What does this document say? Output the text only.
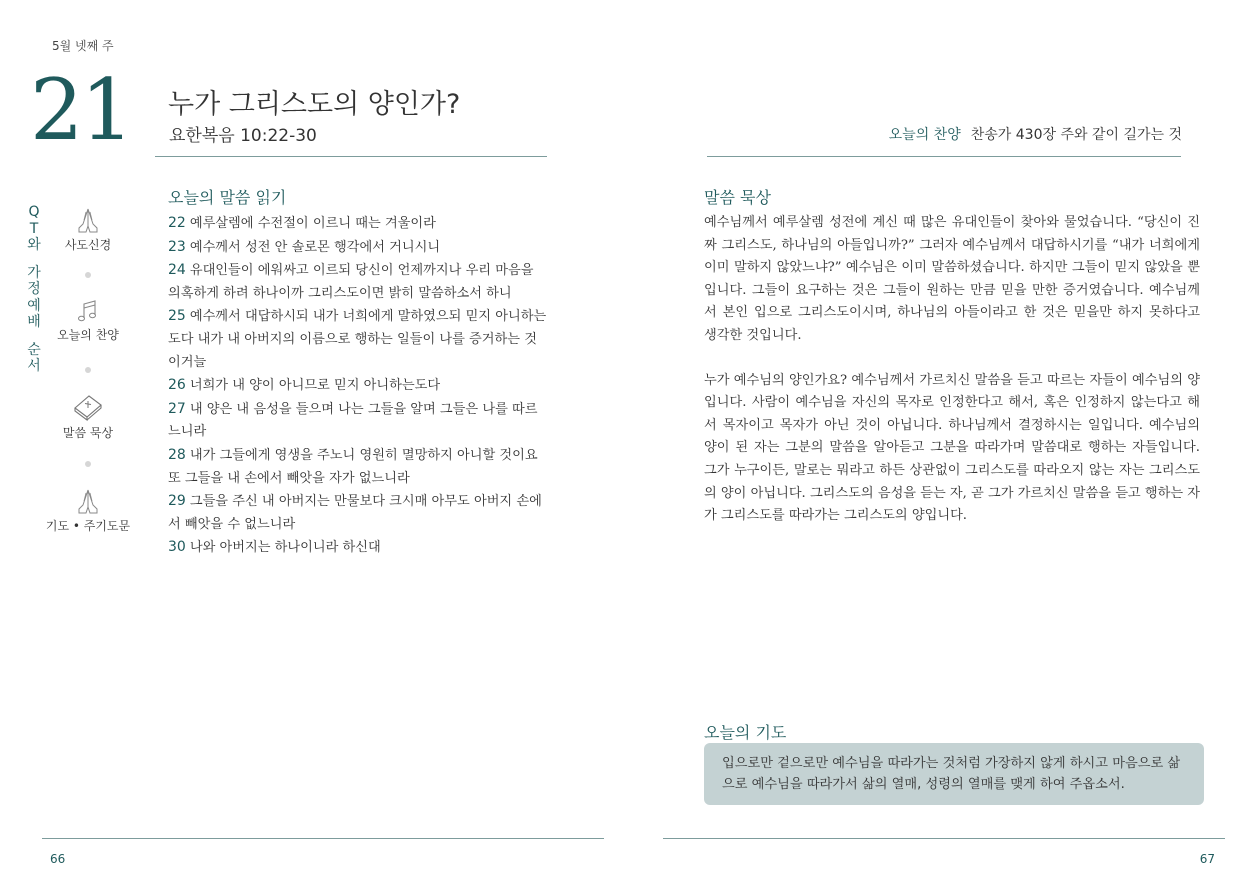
5월 넷째 주
21 누가 그리스도의 양인가?
요한복음 10:22-30	오늘의 찬양 찬송가 430장 주와 같이 길가는 것
Q
T
와
가
정
예
배
순
서
사도신경
오늘의 찬양
말씀 묵상
기도 • 주기도문
오늘의 말씀 읽기
22 예루살렘에 수전절이 이르니 때는 겨울이라
23 예수께서 성전 안 솔로몬 행각에서 거니시니
24 유대인들이 에워싸고 이르되 당신이 언제까지나 우리 마음을 의혹하게 하려 하나이까 그리스도이면 밝히 말씀하소서 하니
25 예수께서 대답하시되 내가 너희에게 말하였으되 믿지 아니하는도다 내가 내 아버지의 이름으로 행하는 일들이 나를 증거하는 것이거늘
26 너희가 내 양이 아니므로 믿지 아니하는도다
27 내 양은 내 음성을 들으며 나는 그들을 알며 그들은 나를 따르느니라
28 내가 그들에게 영생을 주노니 영원히 멸망하지 아니할 것이요 또 그들을 내 손에서 빼앗을 자가 없느니라
29 그들을 주신 내 아버지는 만물보다 크시매 아무도 아버지 손에서 빼앗을 수 없느니라
30 나와 아버지는 하나이니라 하신대
말씀 묵상

예수님께서 예루살렘 성전에 계신 때 많은 유대인들이 찾아와 물었습니다. “당신이 진짜 그리스도, 하나님의 아들입니까?” 그러자 예수님께서 대답하시기를 “내가 너희에게 이미 말하지 않았느냐?” 예수님은 이미 말씀하셨습니다. 하지만 그들이 믿지 않았을 뿐입니다. 그들이 요구하는 것은 그들이 원하는 만큼 믿을 만한 증거였습니다. 예수님께서 본인 입으로 그리스도이시며, 하나님의 아들이라고 한 것은 믿을만 하지 못하다고 생각한 것입니다.

누가 예수님의 양인가요? 예수님께서 가르치신 말씀을 듣고 따르는 자들이 예수님의 양입니다. 사람이 예수님을 자신의 목자로 인정한다고 해서, 혹은 인정하지 않는다고 해서 목자이고 목자가 아닌 것이 아닙니다. 하나님께서 결정하시는 일입니다. 예수님의 양이 된 자는 그분의 말씀을 알아듣고 그분을 따라가며 말씀대로 행하는 자들입니다. 그가 누구이든, 말로는 뭐라고 하든 상관없이 그리스도를 따라오지 않는 자는 그리스도의 양이 아닙니다. 그리스도의 음성을 듣는 자, 곧 그가 가르치신 말씀을 듣고 행하는 자가 그리스도를 따라가는 그리스도의 양입니다.

오늘의 기도
입으로만 겉으로만 예수님을 따라가는 것처럼 가장하지 않게 하시고 마음으로 삶으로 예수님을 따라가서 삶의 열매, 성령의 열매를 맺게 하여 주옵소서.
66	67
